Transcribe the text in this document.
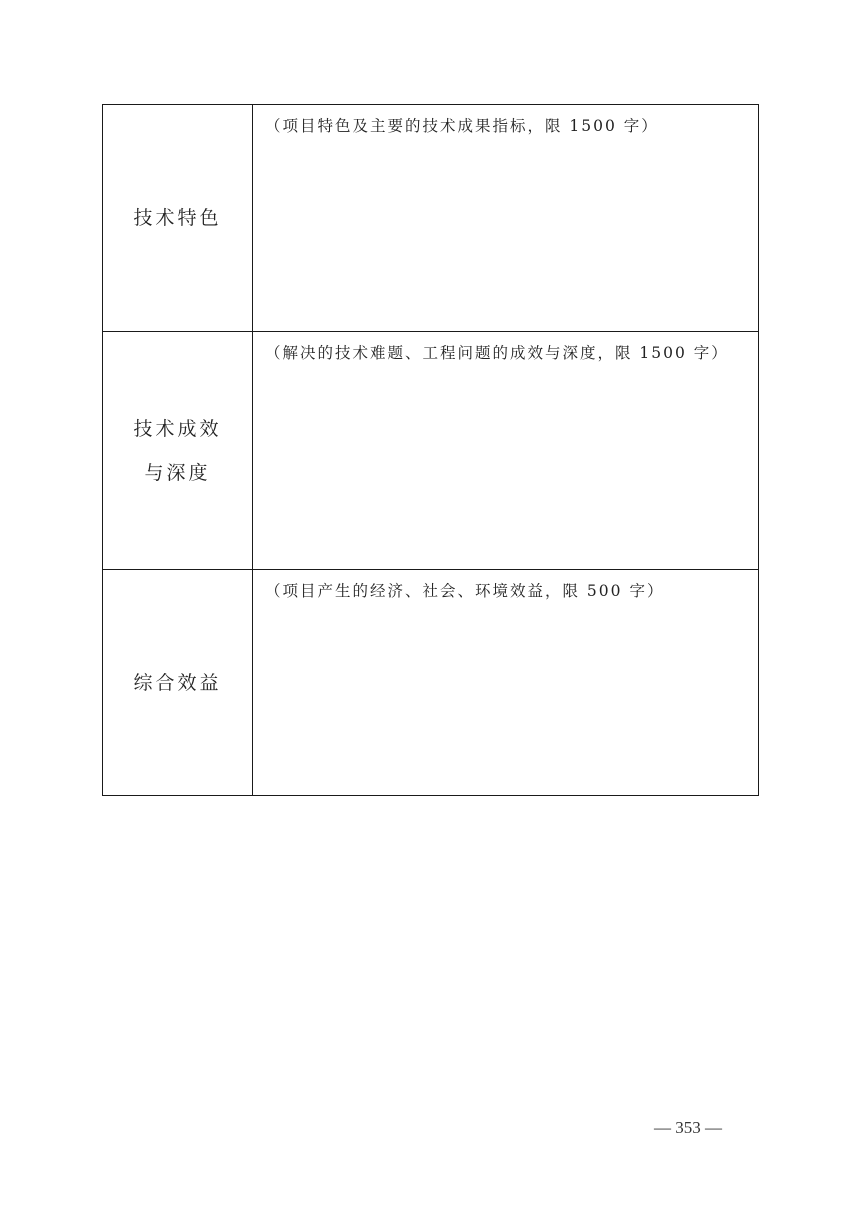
技术特色
（项目特色及主要的技术成果指标，限 1500 字）
技术成效
与深度
（解决的技术难题、工程问题的成效与深度，限 1500 字）
综合效益
（项目产生的经济、社会、环境效益，限 500 字）
— 353 —
